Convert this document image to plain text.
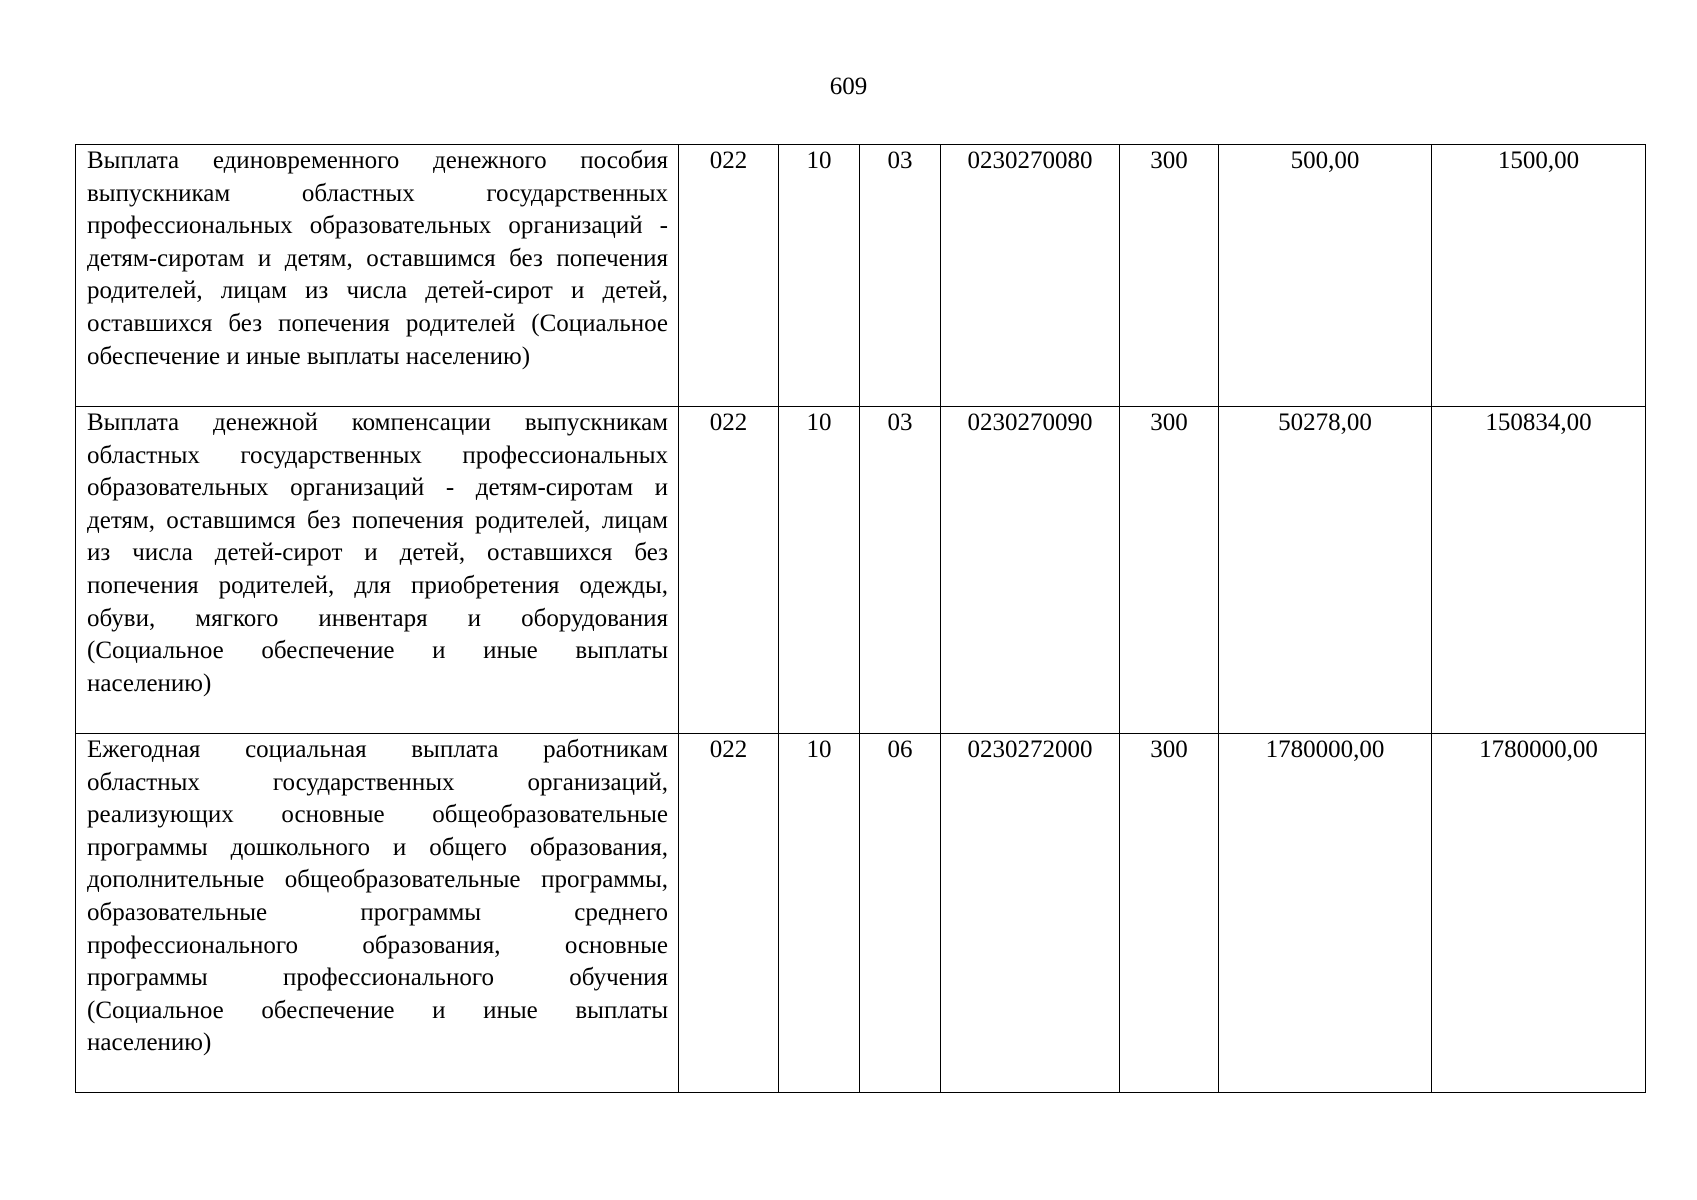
609
Выплата единовременного денежного пособия выпускникам областных государственных профессиональных образовательных организаций - детям-сиротам и детям, оставшимся без попечения родителей, лицам из числа детей-сирот и детей, оставшихся без попечения родителей (Социальное обеспечение и иные выплаты населению)	022	10	03	0230270080	300	500,00	1500,00
Выплата денежной компенсации выпускникам областных государственных профессиональных образовательных организаций - детям-сиротам и детям, оставшимся без попечения родителей, лицам из числа детей-сирот и детей, оставшихся без попечения родителей, для приобретения одежды, обуви, мягкого инвентаря и оборудования (Социальное обеспечение и иные выплаты населению)	022	10	03	0230270090	300	50278,00	150834,00
Ежегодная социальная выплата работникам областных государственных организаций, реализующих основные общеобразовательные программы дошкольного и общего образования, дополнительные общеобразовательные программы, образовательные программы среднего профессионального образования, основные программы профессионального обучения (Социальное обеспечение и иные выплаты населению)	022	10	06	0230272000	300	1780000,00	1780000,00
